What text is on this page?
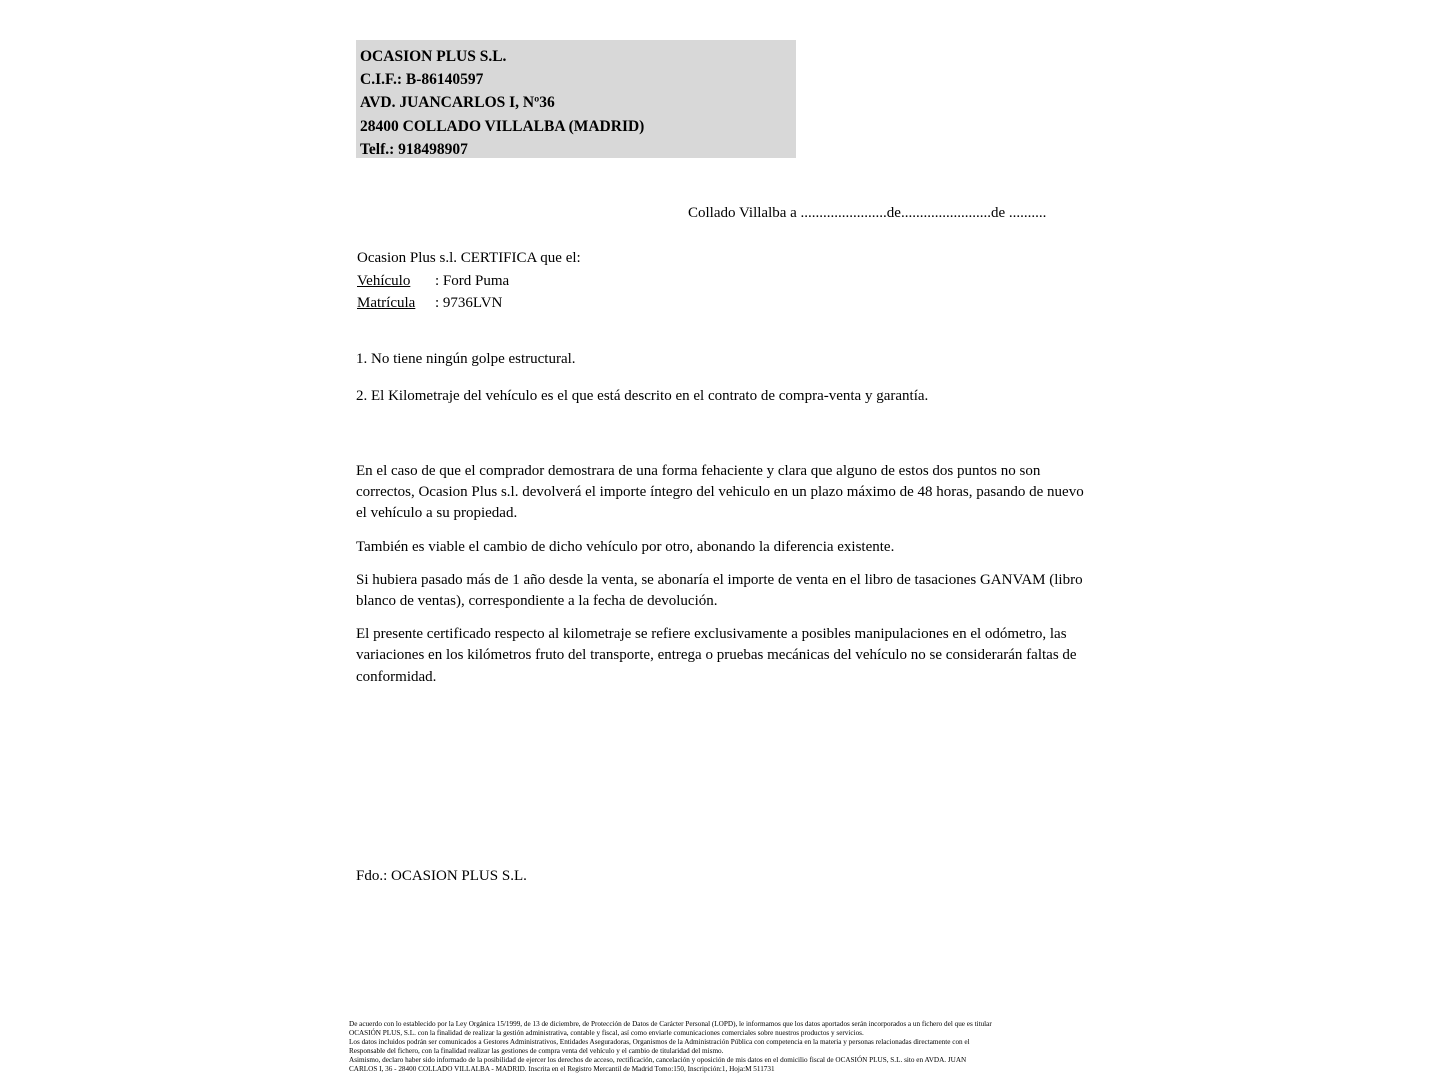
OCASION PLUS S.L.
C.I.F.: B-86140597
AVD. JUANCARLOS I, Nº36
28400 COLLADO VILLALBA (MADRID)
Telf.: 918498907
Collado Villalba a .......................de........................de ..........
Ocasion Plus s.l. CERTIFICA que el:
Vehículo : Ford Puma
Matrícula : 9736LVN
1. No tiene ningún golpe estructural.
2. El Kilometraje del vehículo es el que está descrito en el contrato de compra-venta y garantía.

En el caso de que el comprador demostrara de una forma fehaciente y clara que alguno de estos dos puntos no son correctos, Ocasion Plus s.l. devolverá el importe íntegro del vehiculo en un plazo máximo de 48 horas, pasando de nuevo el vehículo a su propiedad.

También es viable el cambio de dicho vehículo por otro, abonando la diferencia existente.

Si hubiera pasado más de 1 año desde la venta, se abonaría el importe de venta en el libro de tasaciones GANVAM (libro blanco de ventas), correspondiente a la fecha de devolución.

El presente certificado respecto al kilometraje se refiere exclusivamente a posibles manipulaciones en el odómetro, las variaciones en los kilómetros fruto del transporte, entrega o pruebas mecánicas del vehículo no se considerarán faltas de conformidad.

Fdo.: OCASION PLUS S.L.
De acuerdo con lo establecido por la Ley Orgánica 15/1999, de 13 de diciembre, de Protección de Datos de Carácter Personal (LOPD), le informamos que los datos aportados serán incorporados a un fichero del que es titular
OCASIÓN PLUS, S.L. con la finalidad de realizar la gestión administrativa, contable y fiscal, así como enviarle comunicaciones comerciales sobre nuestros productos y servicios.
Los datos incluidos podrán ser comunicados a Gestores Administrativos, Entidades Aseguradoras, Organismos de la Administración Pública con competencia en la materia y personas relacionadas directamente con el
Responsable del fichero, con la finalidad realizar las gestiones de compra venta del vehículo y el cambio de titularidad del mismo.
Asimismo, declaro haber sido informado de la posibilidad de ejercer los derechos de acceso, rectificación, cancelación y oposición de mis datos en el domicilio fiscal de OCASIÓN PLUS, S.L. sito en AVDA. JUAN
CARLOS I, 36 - 28400 COLLADO VILLALBA - MADRID. Inscrita en el Registro Mercantil de Madrid Tomo:150, Inscripción:1, Hoja:M 511731
